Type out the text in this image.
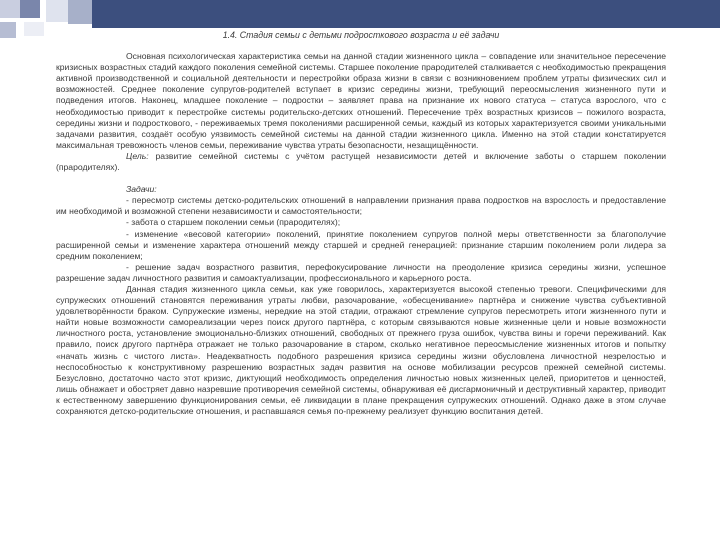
1.4. Стадия семьи с детьми подросткового возраста и её задачи

Основная психологическая характеристика семьи на данной стадии жизненного цикла – совпадение или значительное пересечение кризисных возрастных стадий каждого поколения семейной системы. Старшее поколение прародителей сталкивается с необходимостью прекращения активной производственной и социальной деятельности и перестройки образа жизни в связи с возникновением проблем утраты физических сил и возможностей. Среднее поколение супругов-родителей вступает в кризис середины жизни, требующий переосмысления жизненного пути и подведения итогов. Наконец, младшее поколение – подростки – заявляет права на признание их нового статуса – статуса взрослого, что с необходимостью приводит к перестройке системы родительско-детских отношений. Пересечение трёх возрастных кризисов – пожилого возраста, середины жизни и подросткового, - переживаемых тремя поколениями расширенной семьи, каждый из которых характеризуется своими уникальными задачами развития, создаёт особую уязвимость семейной системы на данной стадии жизненного цикла. Именно на этой стадии констатируется максимальная тревожность членов семьи, переживание чувства утраты безопасности, незащищённости.

Цель: развитие семейной системы с учётом растущей независимости детей и включение заботы о старшем поколении (прародителях).

Задачи:

- пересмотр системы детско-родительских отношений в направлении признания права подростков на взрослость и предоставление им необходимой и возможной степени независимости и самостоятельности;

- забота о старшем поколении семьи (прародителях);

- изменение «весовой категории» поколений, принятие поколением супругов полной меры ответственности за благополучие расширенной семьи и изменение характера отношений между старшей и средней генерацией: признание старшим поколением роли лидера за средним поколением;

- решение задач возрастного развития, перефокусирование личности на преодоление кризиса середины жизни, успешное разрешение задач личностного развития и самоактуализации, профессионального и карьерного роста.

Данная стадия жизненного цикла семьи, как уже говорилось, характеризуется высокой степенью тревоги. Специфическими для супружеских отношений становятся переживания утраты любви, разочарование, «обесценивание» партнёра и снижение чувства субъективной удовлетворённости браком. Супружеские измены, нередкие на этой стадии, отражают стремление супругов пересмотреть итоги жизненного пути и найти новые возможности самореализации через поиск другого партнёра, с которым связываются новые жизненные цели и новые возможности личностного роста, установление эмоционально-близких отношений, свободных от прежнего груза ошибок, чувства вины и горечи переживаний. Как правило, поиск другого партнёра отражает не только разочарование в старом, сколько негативное переосмысление жизненных итогов и попытку «начать жизнь с чистого листа». Неадекватность подобного разрешения кризиса середины жизни обусловлена личностной незрелостью и неспособностью к конструктивному разрешению возрастных задач развития на основе мобилизации ресурсов прежней семейной системы. Безусловно, достаточно часто этот кризис, диктующий необходимость определения личностью новых жизненных целей, приоритетов и ценностей, лишь обнажает и обостряет давно назревшие противоречия семейной системы, обнаруживая её дисгармоничный и деструктивный характер, приводит к естественному завершению функционирования семьи, её ликвидации в плане прекращения супружеских отношений. Однако даже в этом случае сохраняются детско-родительские отношения, и распавшаяся семья по-прежнему реализует функцию воспитания детей.
